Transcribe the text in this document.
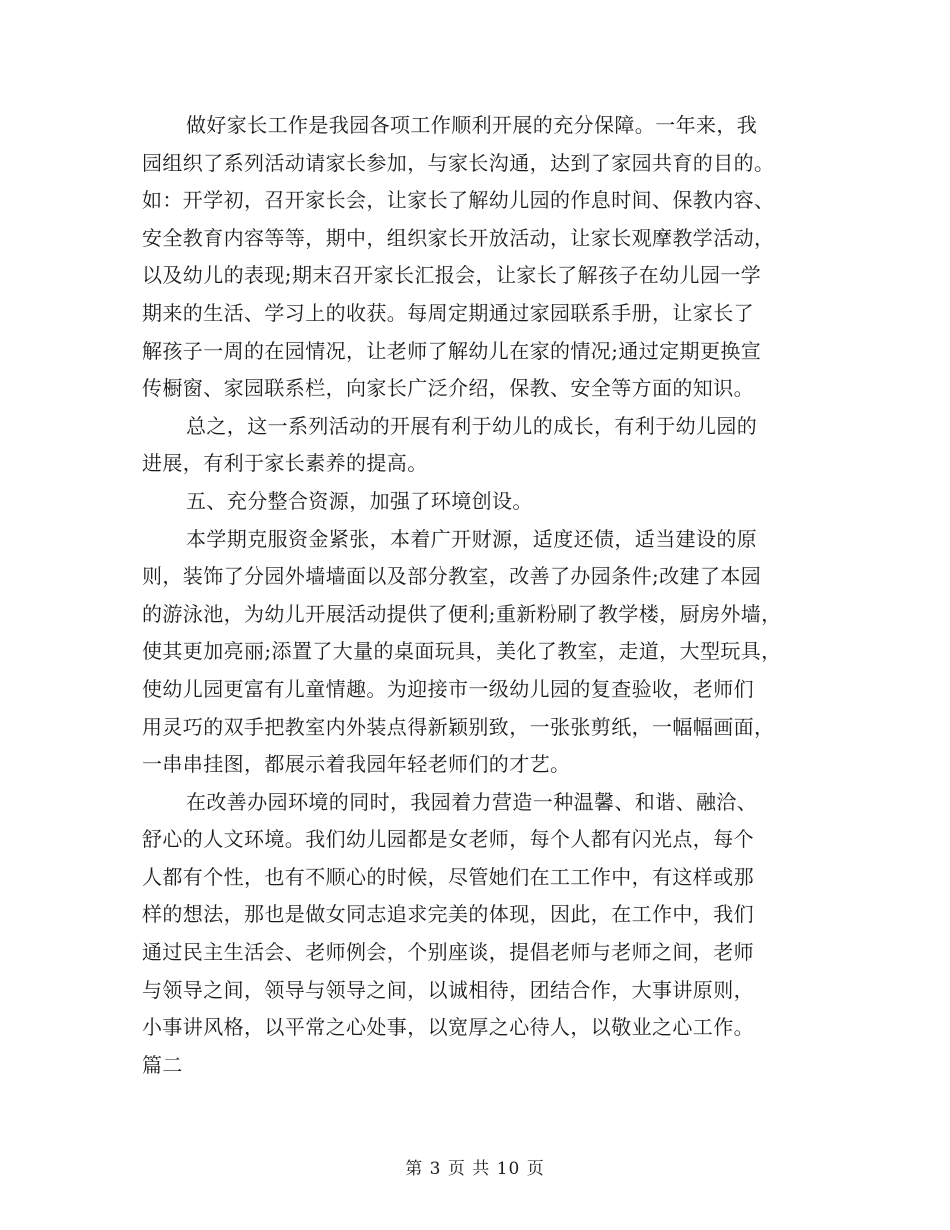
做好家长工作是我园各项工作顺利开展的充分保障。一年来，我
园组织了系列活动请家长参加，与家长沟通，达到了家园共育的目的。
如：开学初，召开家长会，让家长了解幼儿园的作息时间、保教内容、
安全教育内容等等，期中，组织家长开放活动，让家长观摩教学活动，
以及幼儿的表现;期末召开家长汇报会，让家长了解孩子在幼儿园一学
期来的生活、学习上的收获。每周定期通过家园联系手册，让家长了
解孩子一周的在园情况，让老师了解幼儿在家的情况;通过定期更换宣
传橱窗、家园联系栏，向家长广泛介绍，保教、安全等方面的知识。
总之，这一系列活动的开展有利于幼儿的成长，有利于幼儿园的
进展，有利于家长素养的提高。
五、充分整合资源，加强了环境创设。
本学期克服资金紧张，本着广开财源，适度还债，适当建设的原
则，装饰了分园外墙墙面以及部分教室，改善了办园条件;改建了本园
的游泳池，为幼儿开展活动提供了便利;重新粉刷了教学楼，厨房外墙，
使其更加亮丽;添置了大量的桌面玩具，美化了教室，走道，大型玩具，
使幼儿园更富有儿童情趣。为迎接市一级幼儿园的复查验收，老师们
用灵巧的双手把教室内外装点得新颖别致，一张张剪纸，一幅幅画面，
一串串挂图，都展示着我园年轻老师们的才艺。
在改善办园环境的同时，我园着力营造一种温馨、和谐、融洽、
舒心的人文环境。我们幼儿园都是女老师，每个人都有闪光点，每个
人都有个性，也有不顺心的时候，尽管她们在工工作中，有这样或那
样的想法，那也是做女同志追求完美的体现，因此，在工作中，我们
通过民主生活会、老师例会，个别座谈，提倡老师与老师之间，老师
与领导之间，领导与领导之间，以诚相待，团结合作，大事讲原则，
小事讲风格，以平常之心处事，以宽厚之心待人，以敬业之心工作。
篇二
第 3 页 共 10 页
